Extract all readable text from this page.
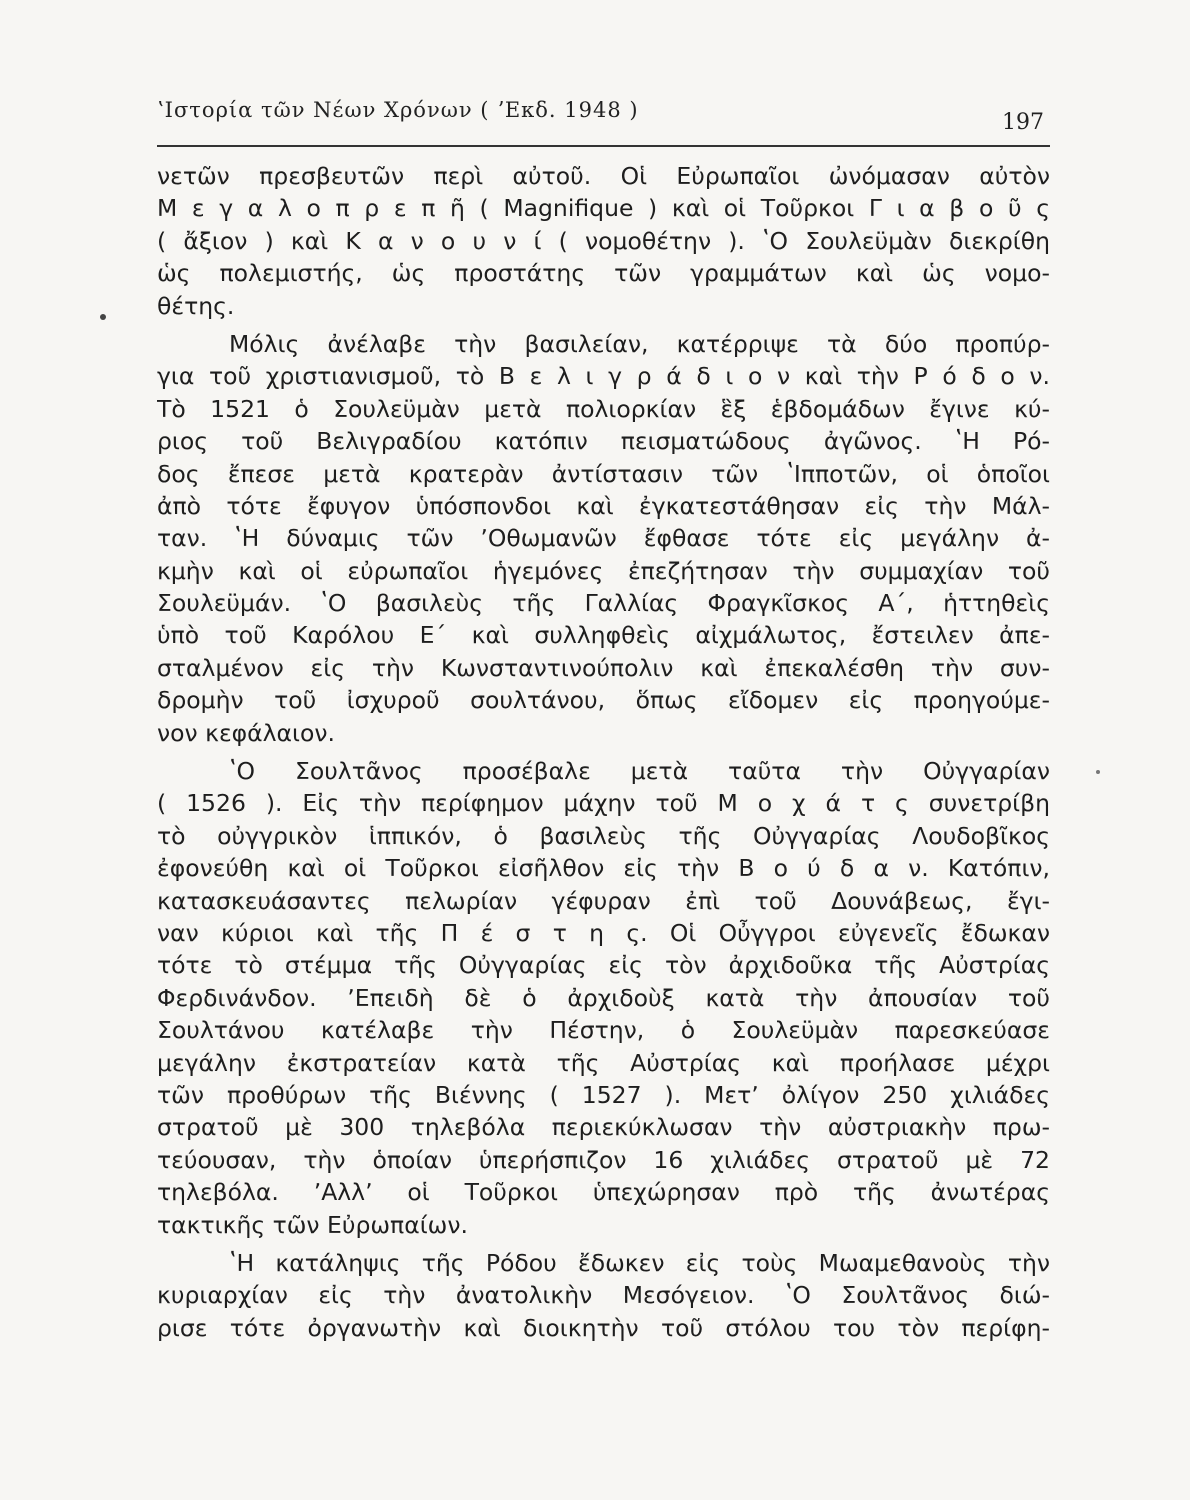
ʽΙστορία τῶν Νέων Χρόνων ( ʼΕκδ. 1948 )	197
νετῶν πρεσβευτῶν περὶ αὐτοῦ. Οἱ Εὐρωπαῖοι ὠνόμασαν αὐτὸν
Μ ε γ α λ ο π ρ ε π ῆ ( Magnifique ) καὶ οἱ Τοῦρκοι Γ ι α β ο ῦ ς
( ἄξιον ) καὶ Κ α ν ο υ ν ί ( νομοθέτην ). ʽΟ Σουλεϋμὰν διεκρίθη
ὡς πολεμιστής, ὡς προστάτης τῶν γραμμάτων καὶ ὡς νομο-
θέτης.
Μόλις ἀνέλαβε τὴν βασιλείαν, κατέρριψε τὰ δύο προπύρ-
για τοῦ χριστιανισμοῦ, τὸ Β ε λ ι γ ρ ά δ ι ο ν καὶ τὴν Ρ ό δ ο ν.
Τὸ 1521 ὁ Σουλεϋμὰν μετὰ πολιορκίαν ἓξ ἑβδομάδων ἔγινε κύ-
ριος τοῦ Βελιγραδίου κατόπιν πεισματώδους ἀγῶνος. ʽΗ Ρό-
δος ἔπεσε μετὰ κρατερὰν ἀντίστασιν τῶν ʽΙπποτῶν, οἱ ὁποῖοι
ἀπὸ τότε ἔφυγον ὑπόσπονδοι καὶ ἐγκατεστάθησαν εἰς τὴν Μάλ-
ταν. ʽΗ δύναμις τῶν ʼΟθωμανῶν ἔφθασε τότε εἰς μεγάλην ἀ-
κμὴν καὶ οἱ εὐρωπαῖοι ἡγεμόνες ἐπεζήτησαν τὴν συμμαχίαν τοῦ
Σουλεϋμάν. ʽΟ βασιλεὺς τῆς Γαλλίας Φραγκῖσκος Α΄, ἡττηθεὶς
ὑπὸ τοῦ Καρόλου Ε΄ καὶ συλληφθεὶς αἰχμάλωτος, ἔστειλεν ἀπε-
σταλμένον εἰς τὴν Κωνσταντινούπολιν καὶ ἐπεκαλέσθη τὴν συν-
δρομὴν τοῦ ἰσχυροῦ σουλτάνου, ὅπως εἴδομεν εἰς προηγούμε-
νον κεφάλαιον.
ʽΟ Σουλτᾶνος προσέβαλε μετὰ ταῦτα τὴν Οὐγγαρίαν
( 1526 ). Εἰς τὴν περίφημον μάχην τοῦ Μ ο χ ά τ ς συνετρίβη
τὸ οὐγγρικὸν ἱππικόν, ὁ βασιλεὺς τῆς Οὐγγαρίας Λουδοβῖκος
ἐφονεύθη καὶ οἱ Τοῦρκοι εἰσῆλθον εἰς τὴν Β ο ύ δ α ν. Κατόπιν,
κατασκευάσαντες πελωρίαν γέφυραν ἐπὶ τοῦ Δουνάβεως, ἔγι-
ναν κύριοι καὶ τῆς Π έ σ τ η ς. Οἱ Οὖγγροι εὐγενεῖς ἔδωκαν
τότε τὸ στέμμα τῆς Οὐγγαρίας εἰς τὸν ἀρχιδοῦκα τῆς Αὐστρίας
Φερδινάνδον. ʼΕπειδὴ δὲ ὁ ἀρχιδοὺξ κατὰ τὴν ἀπουσίαν τοῦ
Σουλτάνου κατέλαβε τὴν Πέστην, ὁ Σουλεϋμὰν παρεσκεύασε
μεγάλην ἐκστρατείαν κατὰ τῆς Αὐστρίας καὶ προήλασε μέχρι
τῶν προθύρων τῆς Βιέννης ( 1527 ). Μετʼ ὀλίγον 250 χιλιάδες
στρατοῦ μὲ 300 τηλεβόλα περιεκύκλωσαν τὴν αὐστριακὴν πρω-
τεύουσαν, τὴν ὁποίαν ὑπερήσπιζον 16 χιλιάδες στρατοῦ μὲ 72
τηλεβόλα. ʼΑλλʼ οἱ Τοῦρκοι ὑπεχώρησαν πρὸ τῆς ἀνωτέρας
τακτικῆς τῶν Εὐρωπαίων.
ʽΗ κατάληψις τῆς Ρόδου ἔδωκεν εἰς τοὺς Μωαμεθανοὺς τὴν
κυριαρχίαν εἰς τὴν ἀνατολικὴν Μεσόγειον. ʽΟ Σουλτᾶνος διώ-
ρισε τότε ὀργανωτὴν καὶ διοικητὴν τοῦ στόλου του τὸν περίφη-
